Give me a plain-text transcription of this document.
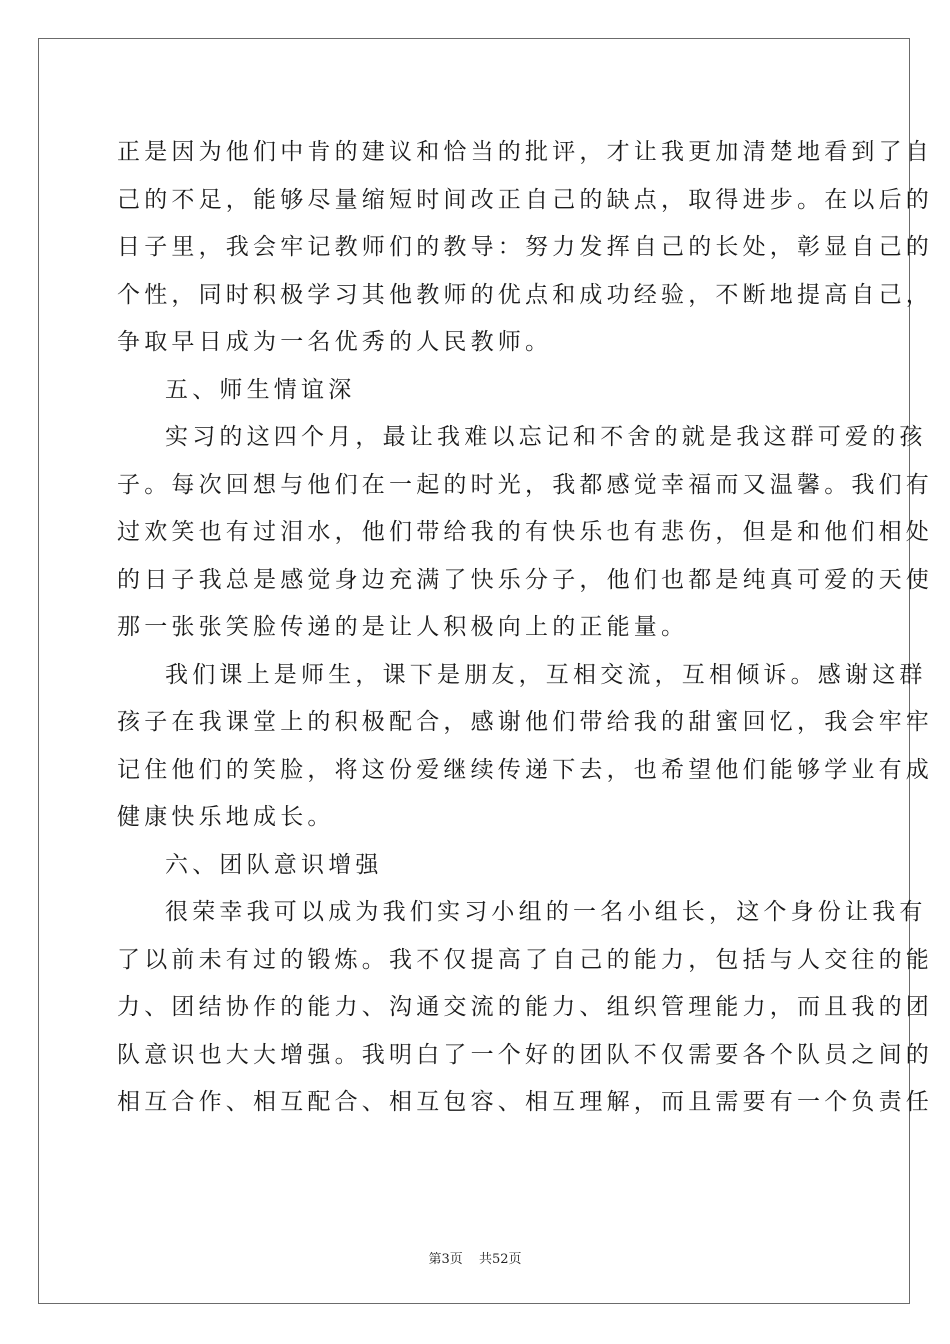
正是因为他们中肯的建议和恰当的批评，才让我更加清楚地看到了自
己的不足，能够尽量缩短时间改正自己的缺点，取得进步。在以后的
日子里，我会牢记教师们的教导：努力发挥自己的长处，彰显自己的
个性，同时积极学习其他教师的优点和成功经验，不断地提高自己，
争取早日成为一名优秀的人民教师。
五、师生情谊深
实习的这四个月，最让我难以忘记和不舍的就是我这群可爱的孩
子。每次回想与他们在一起的时光，我都感觉幸福而又温馨。我们有
过欢笑也有过泪水，他们带给我的有快乐也有悲伤，但是和他们相处
的日子我总是感觉身边充满了快乐分子，他们也都是纯真可爱的天使
那一张张笑脸传递的是让人积极向上的正能量。
我们课上是师生，课下是朋友，互相交流，互相倾诉。感谢这群
孩子在我课堂上的积极配合，感谢他们带给我的甜蜜回忆，我会牢牢
记住他们的笑脸，将这份爱继续传递下去，也希望他们能够学业有成
健康快乐地成长。
六、团队意识增强
很荣幸我可以成为我们实习小组的一名小组长，这个身份让我有
了以前未有过的锻炼。我不仅提高了自己的能力，包括与人交往的能
力、团结协作的能力、沟通交流的能力、组织管理能力，而且我的团
队意识也大大增强。我明白了一个好的团队不仅需要各个队员之间的
相互合作、相互配合、相互包容、相互理解，而且需要有一个负责任
第3页 共52页
